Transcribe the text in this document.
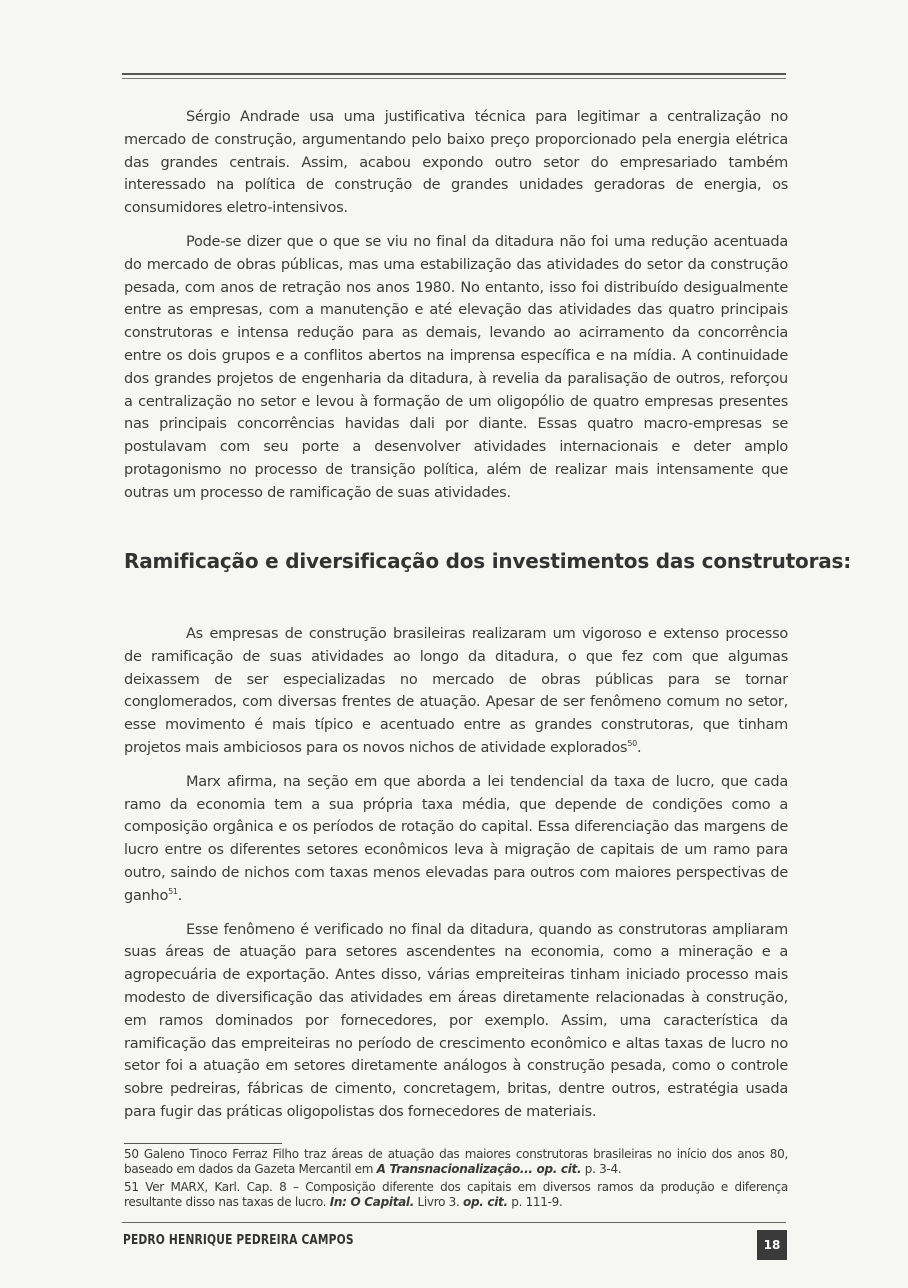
Sérgio Andrade usa uma justificativa técnica para legitimar a centralização no mercado de construção, argumentando pelo baixo preço proporcionado pela energia elétrica das grandes centrais. Assim, acabou expondo outro setor do empresariado também interessado na política de construção de grandes unidades geradoras de energia, os consumidores eletro-intensivos.

Pode-se dizer que o que se viu no final da ditadura não foi uma redução acentuada do mercado de obras públicas, mas uma estabilização das atividades do setor da construção pesada, com anos de retração nos anos 1980. No entanto, isso foi distribuído desigualmente entre as empresas, com a manutenção e até elevação das atividades das quatro principais construtoras e intensa redução para as demais, levando ao acirramento da concorrência entre os dois grupos e a conflitos abertos na imprensa específica e na mídia. A continuidade dos grandes projetos de engenharia da ditadura, à revelia da paralisação de outros, reforçou a centralização no setor e levou à formação de um oligopólio de quatro empresas presentes nas principais concorrências havidas dali por diante. Essas quatro macro-empresas se postulavam com seu porte a desenvolver atividades internacionais e deter amplo protagonismo no processo de transição política, além de realizar mais intensamente que outras um processo de ramificação de suas atividades.

Ramificação e diversificação dos investimentos das construtoras:

As empresas de construção brasileiras realizaram um vigoroso e extenso processo de ramificação de suas atividades ao longo da ditadura, o que fez com que algumas deixassem de ser especializadas no mercado de obras públicas para se tornar conglomerados, com diversas frentes de atuação. Apesar de ser fenômeno comum no setor, esse movimento é mais típico e acentuado entre as grandes construtoras, que tinham projetos mais ambiciosos para os novos nichos de atividade explorados$^{50}$.

Marx afirma, na seção em que aborda a lei tendencial da taxa de lucro, que cada ramo da economia tem a sua própria taxa média, que depende de condições como a composição orgânica e os períodos de rotação do capital. Essa diferenciação das margens de lucro entre os diferentes setores econômicos leva à migração de capitais de um ramo para outro, saindo de nichos com taxas menos elevadas para outros com maiores perspectivas de ganho$^{51}$.

Esse fenômeno é verificado no final da ditadura, quando as construtoras ampliaram suas áreas de atuação para setores ascendentes na economia, como a mineração e a agropecuária de exportação. Antes disso, várias empreiteiras tinham iniciado processo mais modesto de diversificação das atividades em áreas diretamente relacionadas à construção, em ramos dominados por fornecedores, por exemplo. Assim, uma característica da ramificação das empreiteiras no período de crescimento econômico e altas taxas de lucro no setor foi a atuação em setores diretamente análogos à construção pesada, como o controle sobre pedreiras, fábricas de cimento, concretagem, britas, dentre outros, estratégia usada para fugir das práticas oligopolistas dos fornecedores de materiais.

50 Galeno Tinoco Ferraz Filho traz áreas de atuação das maiores construtoras brasileiras no início dos anos 80, baseado em dados da Gazeta Mercantil em A Transnacionalização... op. cit. p. 3-4.
51 Ver MARX, Karl. Cap. 8 – Composição diferente dos capitais em diversos ramos da produção e diferença resultante disso nas taxas de lucro. In: O Capital. Livro 3. op. cit. p. 111-9.
PEDRO HENRIQUE PEDREIRA CAMPOS	18
